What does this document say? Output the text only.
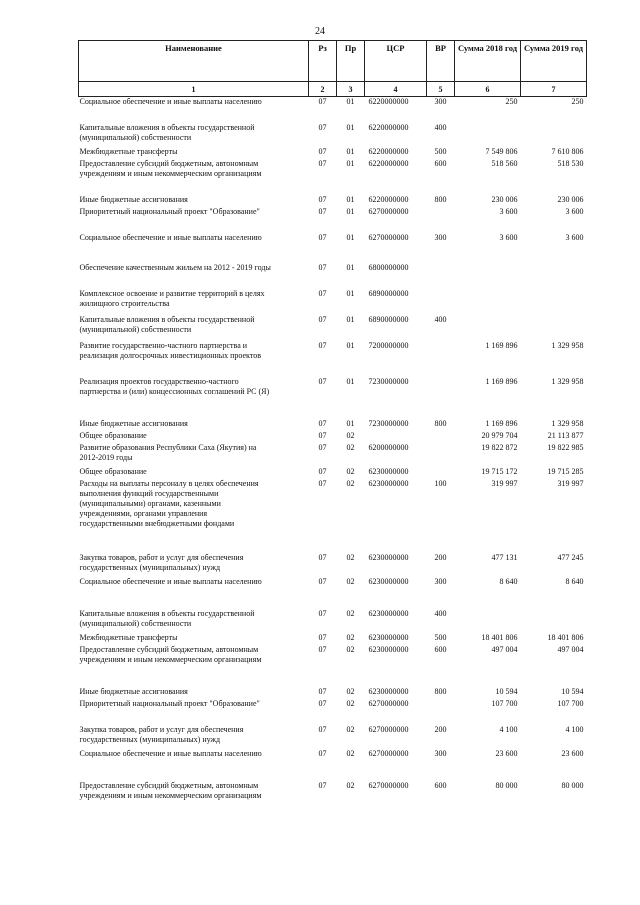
24
Наименование	Рз	Пр	ЦСР	ВР	Сумма 2018 год	Сумма 2019 год
1	2	3	4	5	6	7
Социальное обеспечение и иные выплаты населению	07	01	6220000000	300	250	250
Капитальные вложения в объекты государственной
(муниципальной) собственности	07	01	6220000000	400		
Межбюджетные трансферты	07	01	6220000000	500	7 549 806	7 610 806
Предоставление субсидий бюджетным, автономным
учреждениям и иным некоммерческим организациям	07	01	6220000000	600	518 560	518 530
Иные бюджетные ассигнования	07	01	6220000000	800	230 006	230 006
Приоритетный национальный проект "Образование"	07	01	6270000000		3 600	3 600
Социальное обеспечение и иные выплаты населению	07	01	6270000000	300	3 600	3 600
Обеспечение качественным жильем на 2012 - 2019 годы	07	01	6800000000			
Комплексное освоение и развитие территорий в целях
жилищного строительства	07	01	6890000000			
Капитальные вложения в объекты государственной
(муниципальной) собственности	07	01	6890000000	400		
Развитие государственно-частного партнерства и
реализация долгосрочных инвестиционных проектов	07	01	7200000000		1 169 896	1 329 958
Реализация проектов государственно-частного
партнерства и (или) концессионных соглашений РС (Я)	07	01	7230000000		1 169 896	1 329 958
Иные бюджетные ассигнования	07	01	7230000000	800	1 169 896	1 329 958
Общее образование	07	02			20 979 704	21 113 877
Развитие образования Республики Саха (Якутия) на
2012-2019 годы	07	02	6200000000		19 822 872	19 822 985
Общее образование	07	02	6230000000		19 715 172	19 715 285
Расходы на выплаты персоналу в целях обеспечения
выполнения функций государственными
(муниципальными) органами, казенными
учреждениями, органами управления
государственными внебюджетными фондами	07	02	6230000000	100	319 997	319 997
Закупка товаров, работ и услуг для обеспечения
государственных (муниципальных) нужд	07	02	6230000000	200	477 131	477 245
Социальное обеспечение и иные выплаты населению	07	02	6230000000	300	8 640	8 640
Капитальные вложения в объекты государственной
(муниципальной) собственности	07	02	6230000000	400		
Межбюджетные трансферты	07	02	6230000000	500	18 401 806	18 401 806
Предоставление субсидий бюджетным, автономным
учреждениям и иным некоммерческим организациям	07	02	6230000000	600	497 004	497 004
Иные бюджетные ассигнования	07	02	6230000000	800	10 594	10 594
Приоритетный национальный проект "Образование"	07	02	6270000000		107 700	107 700
Закупка товаров, работ и услуг для обеспечения
государственных (муниципальных) нужд	07	02	6270000000	200	4 100	4 100
Социальное обеспечение и иные выплаты населению	07	02	6270000000	300	23 600	23 600
Предоставление субсидий бюджетным, автономным
учреждениям и иным некоммерческим организациям	07	02	6270000000	600	80 000	80 000
